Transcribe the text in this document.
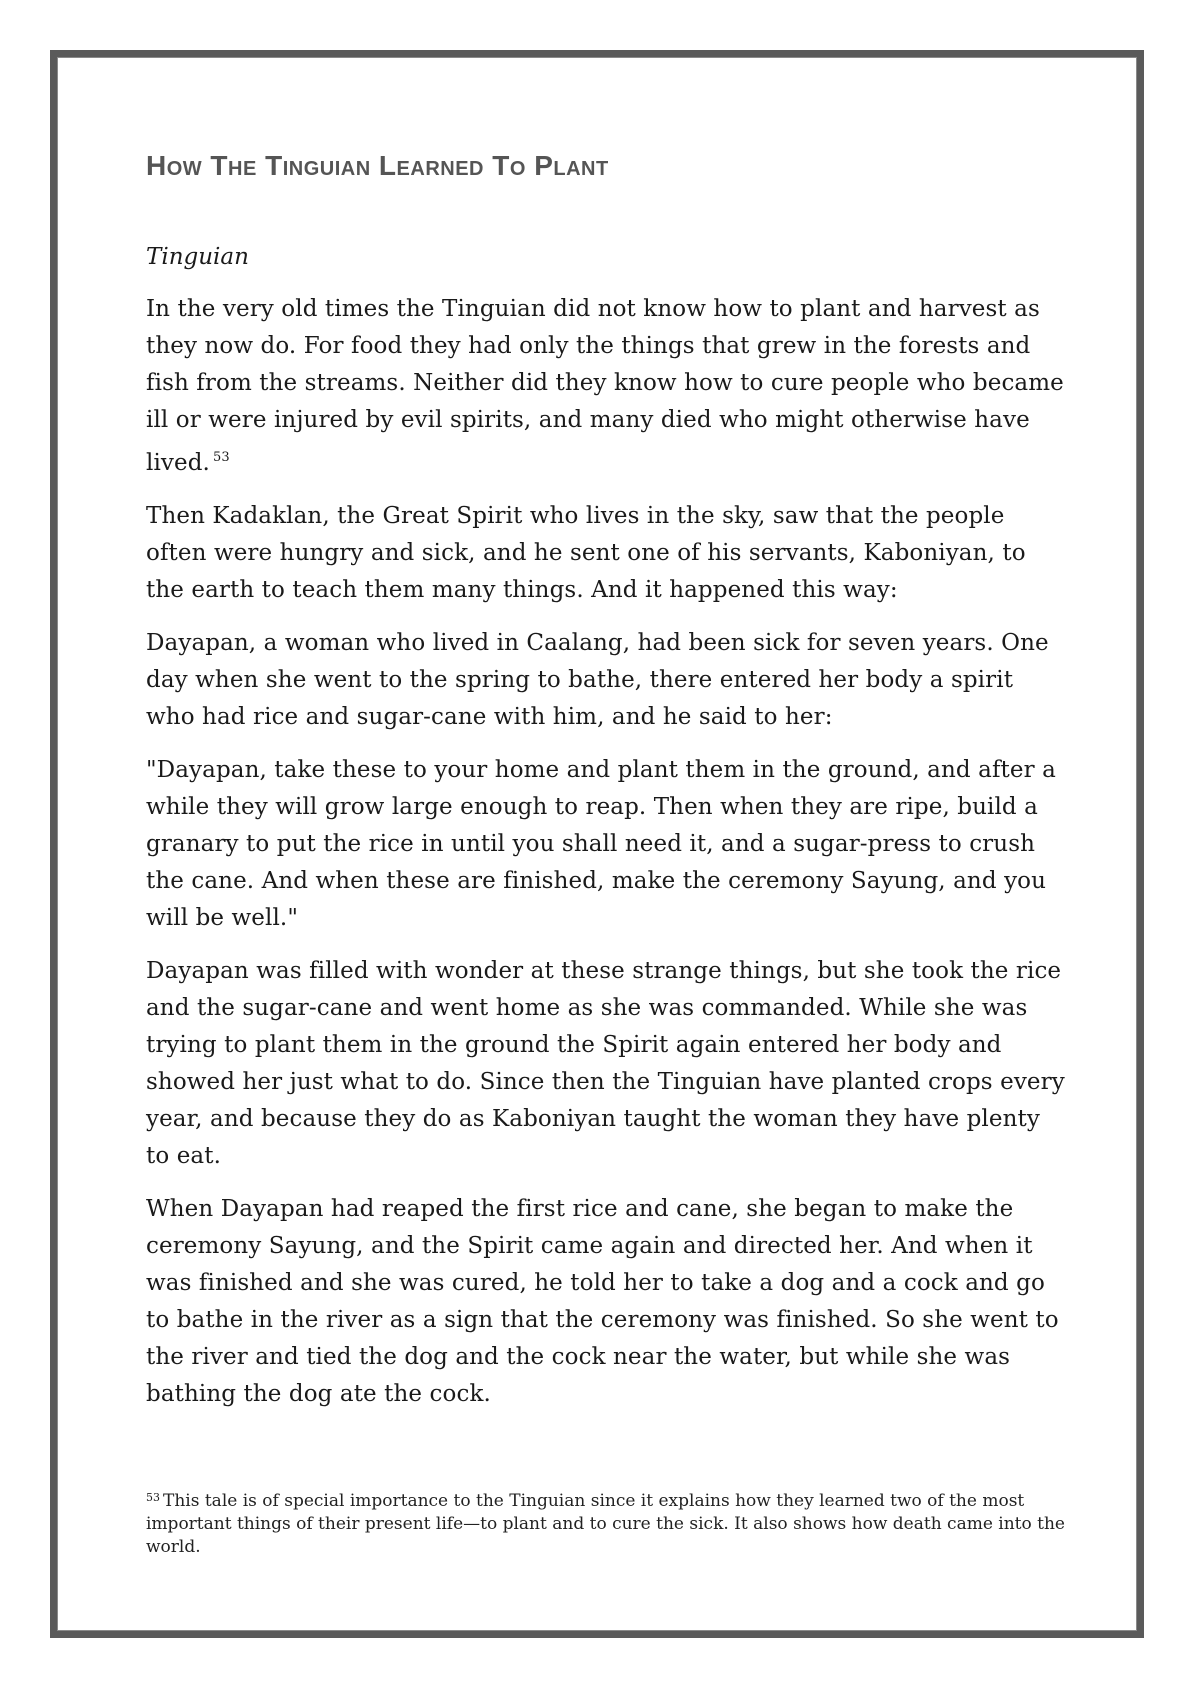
How The Tinguian Learned To Plant

Tinguian

In the very old times the Tinguian did not know how to plant and harvest as they now do. For food they had only the things that grew in the forests and fish from the streams. Neither did they know how to cure people who became ill or were injured by evil spirits, and many died who might otherwise have lived. $^{53}$

Then Kadaklan, the Great Spirit who lives in the sky, saw that the people often were hungry and sick, and he sent one of his servants, Kaboniyan, to the earth to teach them many things. And it happened this way:

Dayapan, a woman who lived in Caalang, had been sick for seven years. One day when she went to the spring to bathe, there entered her body a spirit who had rice and sugar-cane with him, and he said to her:

"Dayapan, take these to your home and plant them in the ground, and after a while they will grow large enough to reap. Then when they are ripe, build a granary to put the rice in until you shall need it, and a sugar-press to crush the cane. And when these are finished, make the ceremony Sayung, and you will be well."

Dayapan was filled with wonder at these strange things, but she took the rice and the sugar-cane and went home as she was commanded. While she was trying to plant them in the ground the Spirit again entered her body and showed her just what to do. Since then the Tinguian have planted crops every year, and because they do as Kaboniyan taught the woman they have plenty to eat.

When Dayapan had reaped the first rice and cane, she began to make the ceremony Sayung, and the Spirit came again and directed her. And when it was finished and she was cured, he told her to take a dog and a cock and go to bathe in the river as a sign that the ceremony was finished. So she went to the river and tied the dog and the cock near the water, but while she was bathing the dog ate the cock.

$^{53}$ This tale is of special importance to the Tinguian since it explains how they learned two of the most important things of their present life—to plant and to cure the sick. It also shows how death came into the world.
